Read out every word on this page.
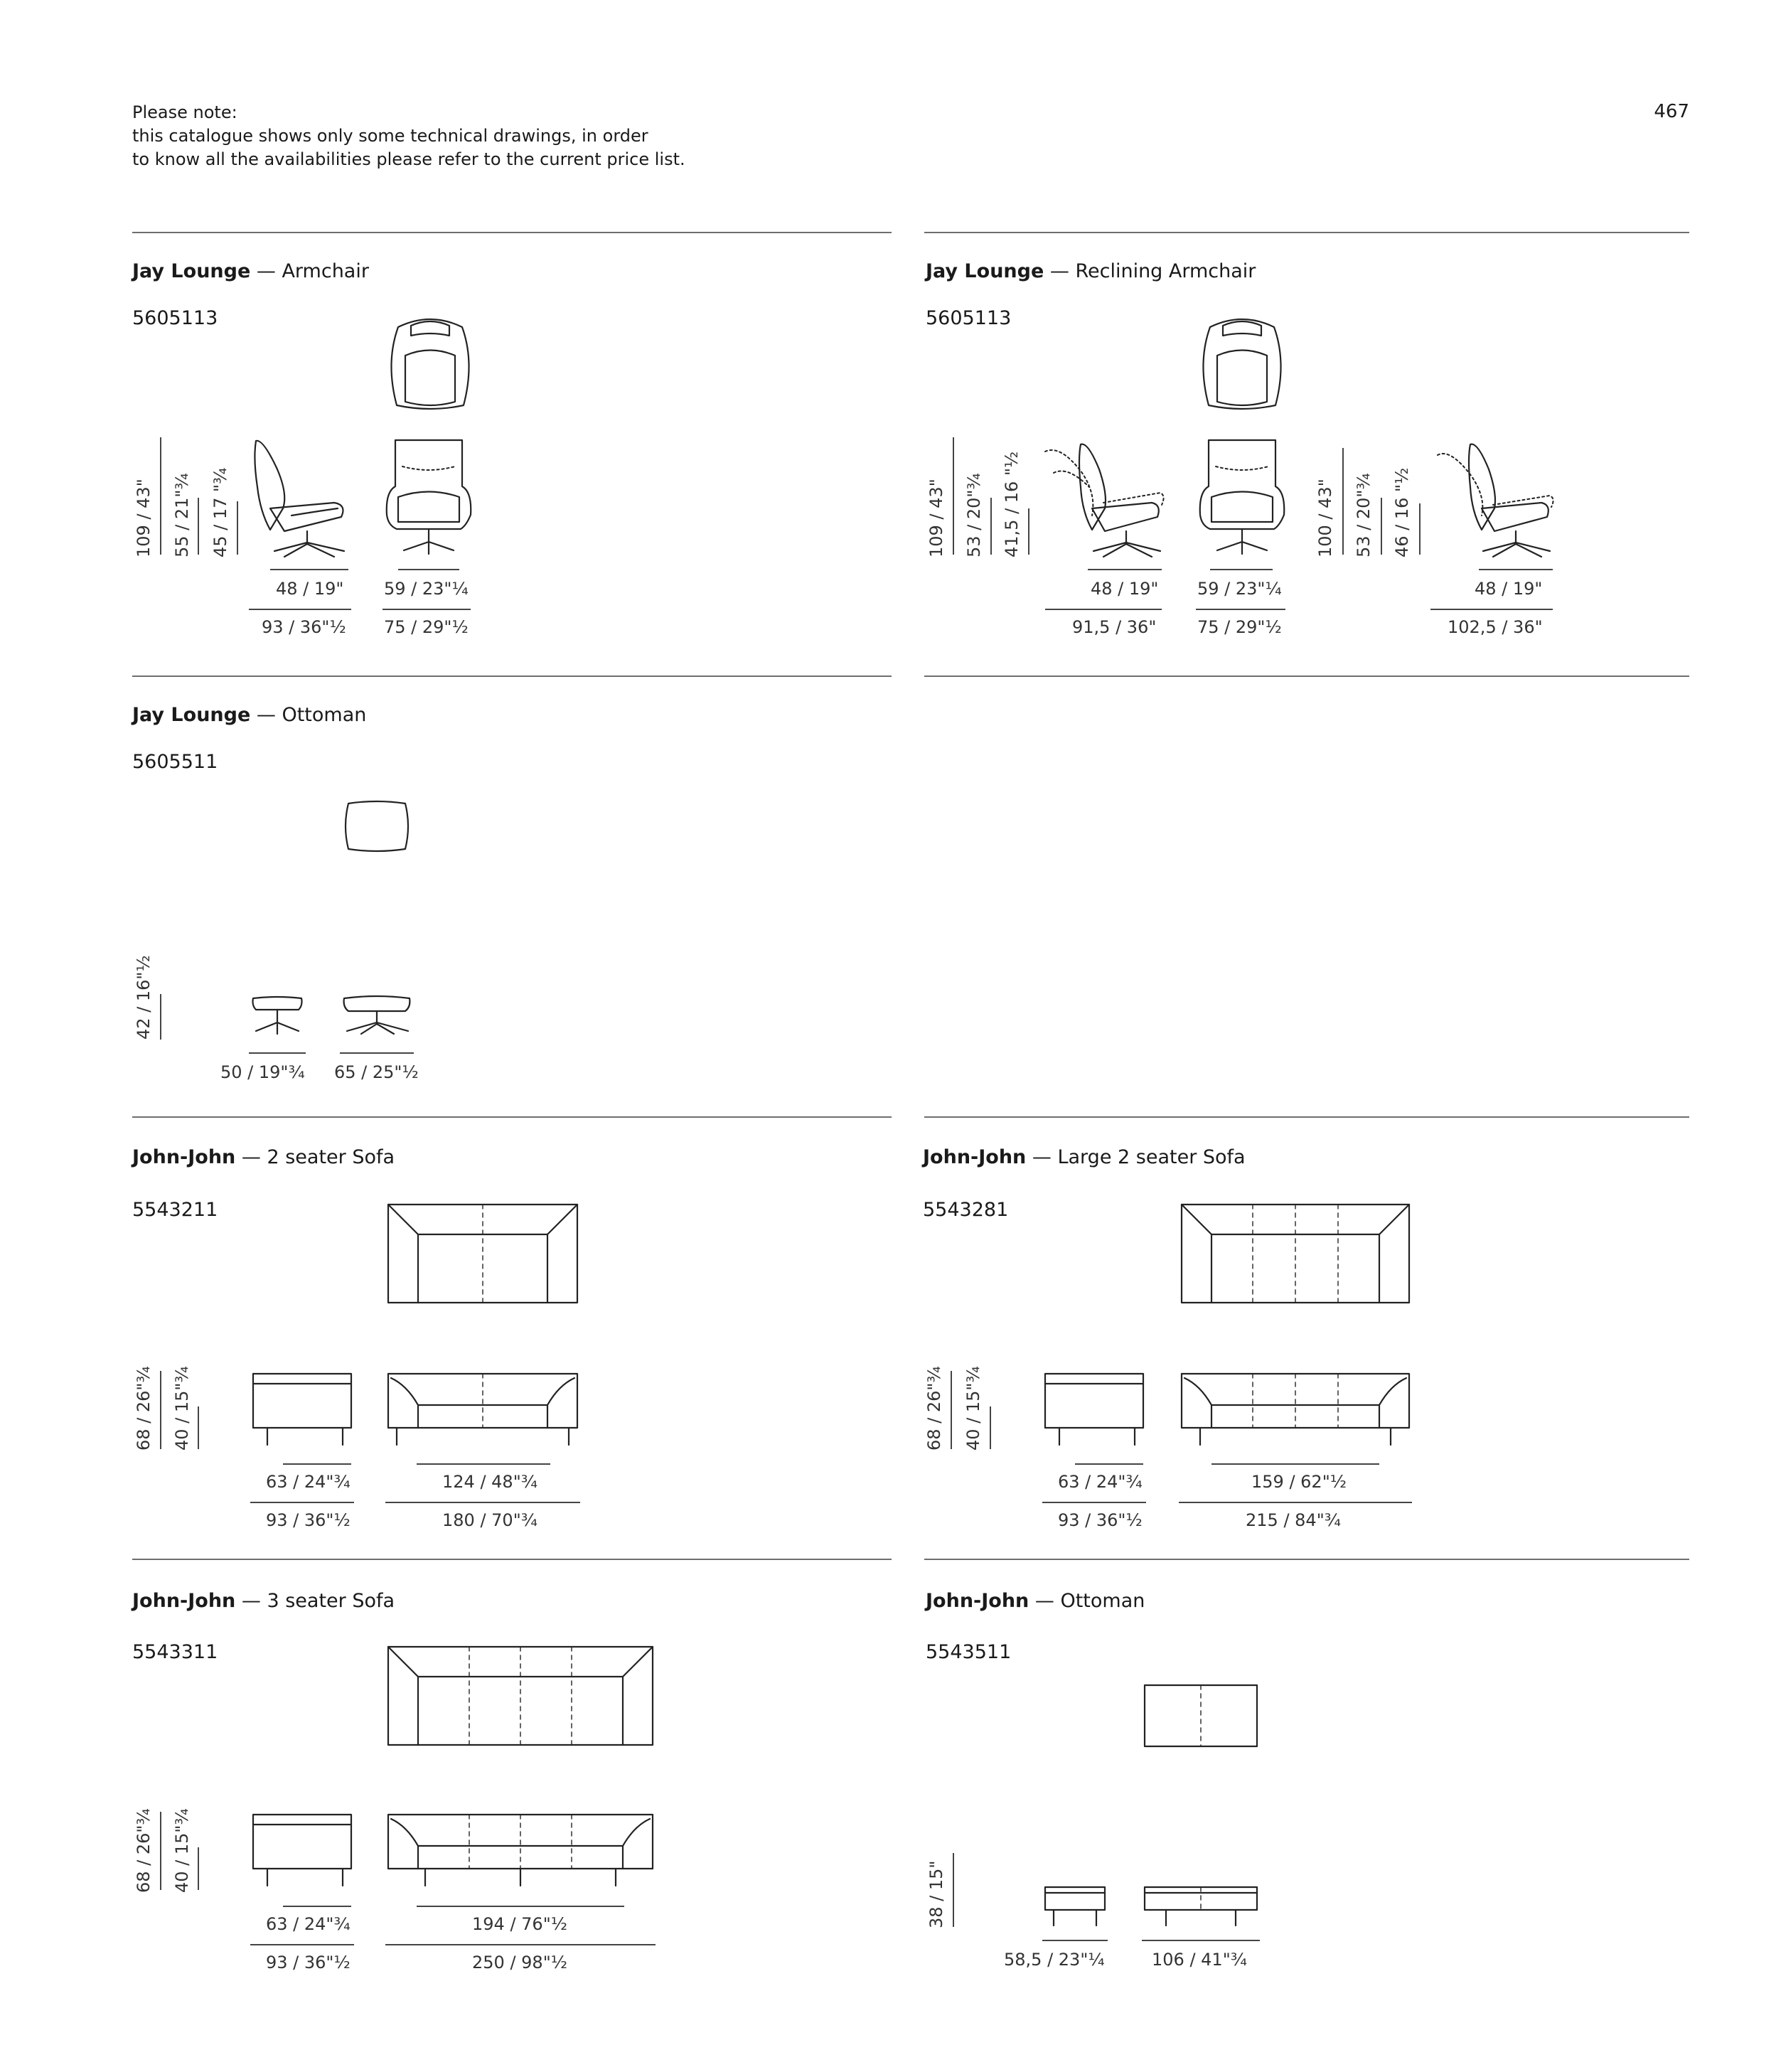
Please note:
this catalogue shows only some technical drawings, in order
to know all the availabilities please refer to the current price list.
467
Jay Lounge — Armchair
5605113
109 / 43" 55 / 21"¾ 45 / 17 "¾
48 / 19" 59 / 23"¼
93 / 36"½ 75 / 29"½
Jay Lounge — Reclining Armchair
5605113
109 / 43" 53 / 20"¾ 41,5 / 16 "½	100 / 43" 53 / 20"¾ 46 / 16 "½
48 / 19" 59 / 23"¼	48 / 19"
91,5 / 36" 75 / 29"½	102,5 / 36"
Jay Lounge — Ottoman
5605511
42 / 16"½
50 / 19"¾ 65 / 25"½
John-John — 2 seater Sofa
5543211
68 / 26"¾ 40 / 15"¾
63 / 24"¾	124 / 48"¾
93 / 36"½	180 / 70"¾
John-John — Large 2 seater Sofa
5543281
68 / 26"¾ 40 / 15"¾
63 / 24"¾	159 / 62"½
93 / 36"½	215 / 84"¾
John-John — 3 seater Sofa
5543311
68 / 26"¾ 40 / 15"¾
63 / 24"¾	194 / 76"½
93 / 36"½	250 / 98"½
John-John — Ottoman
5543511
38 / 15"
58,5 / 23"¼	106 / 41"¾
